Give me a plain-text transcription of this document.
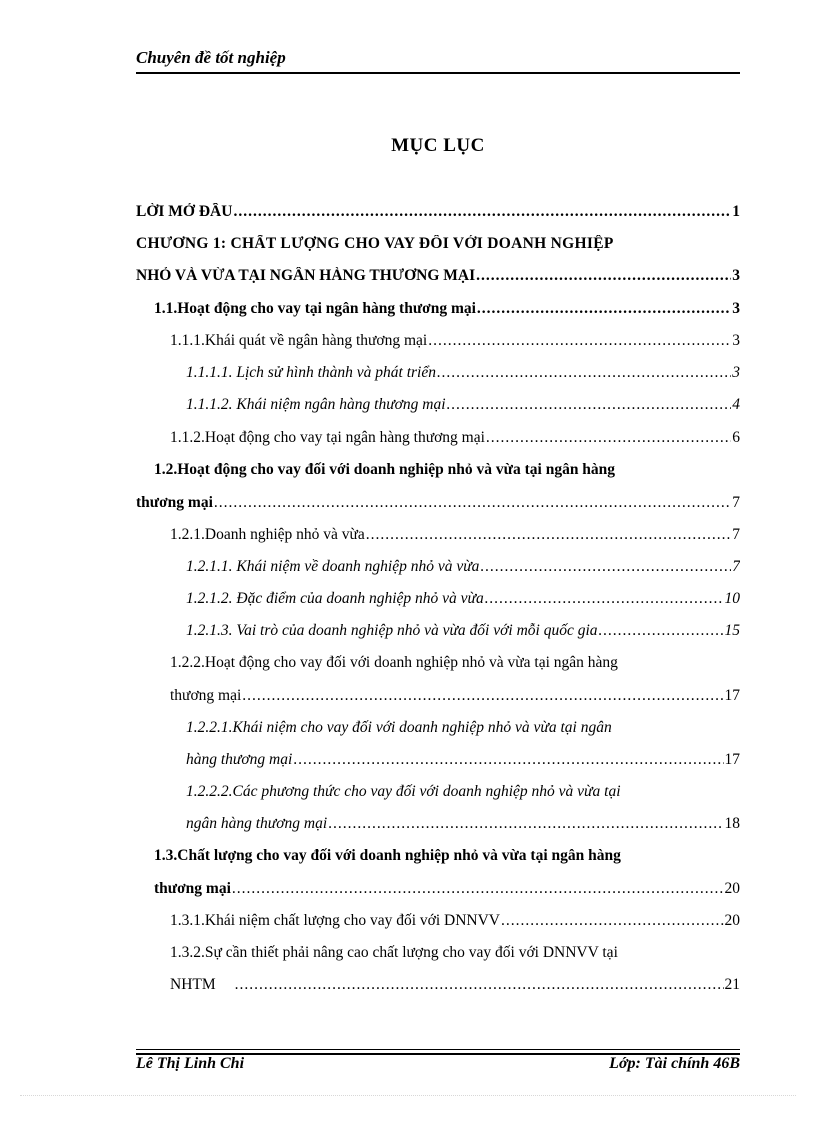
Chuyên đề tốt nghiệp
MỤC LỤC
LỜI MỞ ĐẦU .....	1
CHƯƠNG 1: CHẤT LƯỢNG CHO VAY ĐỐI VỚI DOANH NGHIỆP
NHỎ VÀ VỪA TẠI NGÂN HÀNG THƯƠNG MẠI .....	3
1.1.Hoạt động cho vay tại ngân hàng thương mại .....	3
1.1.1.Khái quát về ngân hàng thương mại .....	3
1.1.1.1. Lịch sử hình thành và phát triển .....	3
1.1.1.2. Khái niệm ngân hàng thương mại .....	4
1.1.2.Hoạt động cho vay tại ngân hàng thương mại .....	6
1.2.Hoạt động cho vay đối với doanh nghiệp nhỏ và vừa tại ngân hàng
thương mại .....	7
1.2.1.Doanh nghiệp nhỏ và vừa .....	7
1.2.1.1. Khái niệm về doanh nghiệp nhỏ và vừa .....	7
1.2.1.2. Đặc điểm của doanh nghiệp nhỏ và vừa .....	10
1.2.1.3. Vai trò của doanh nghiệp nhỏ và vừa đối với mỗi quốc gia .....	15
1.2.2.Hoạt động cho vay đối với doanh nghiệp nhỏ và vừa tại ngân hàng
thương mại .....	17
1.2.2.1.Khái niệm cho vay đối với doanh nghiệp nhỏ và vừa tại ngân
hàng thương mại .....	17
1.2.2.2.Các phương thức cho vay đối với doanh nghiệp nhỏ và vừa tại
ngân hàng thương mại .....	18
1.3.Chất lượng cho vay đối với doanh nghiệp nhỏ và vừa tại ngân hàng
thương mại .....	20
1.3.1.Khái niệm chất lượng cho vay đối với DNNVV .....	20
1.3.2.Sự cần thiết phải nâng cao chất lượng cho vay đối với DNNVV tại
NHTM .....	21
Lê Thị Linh Chi	Lớp: Tài chính 46B
